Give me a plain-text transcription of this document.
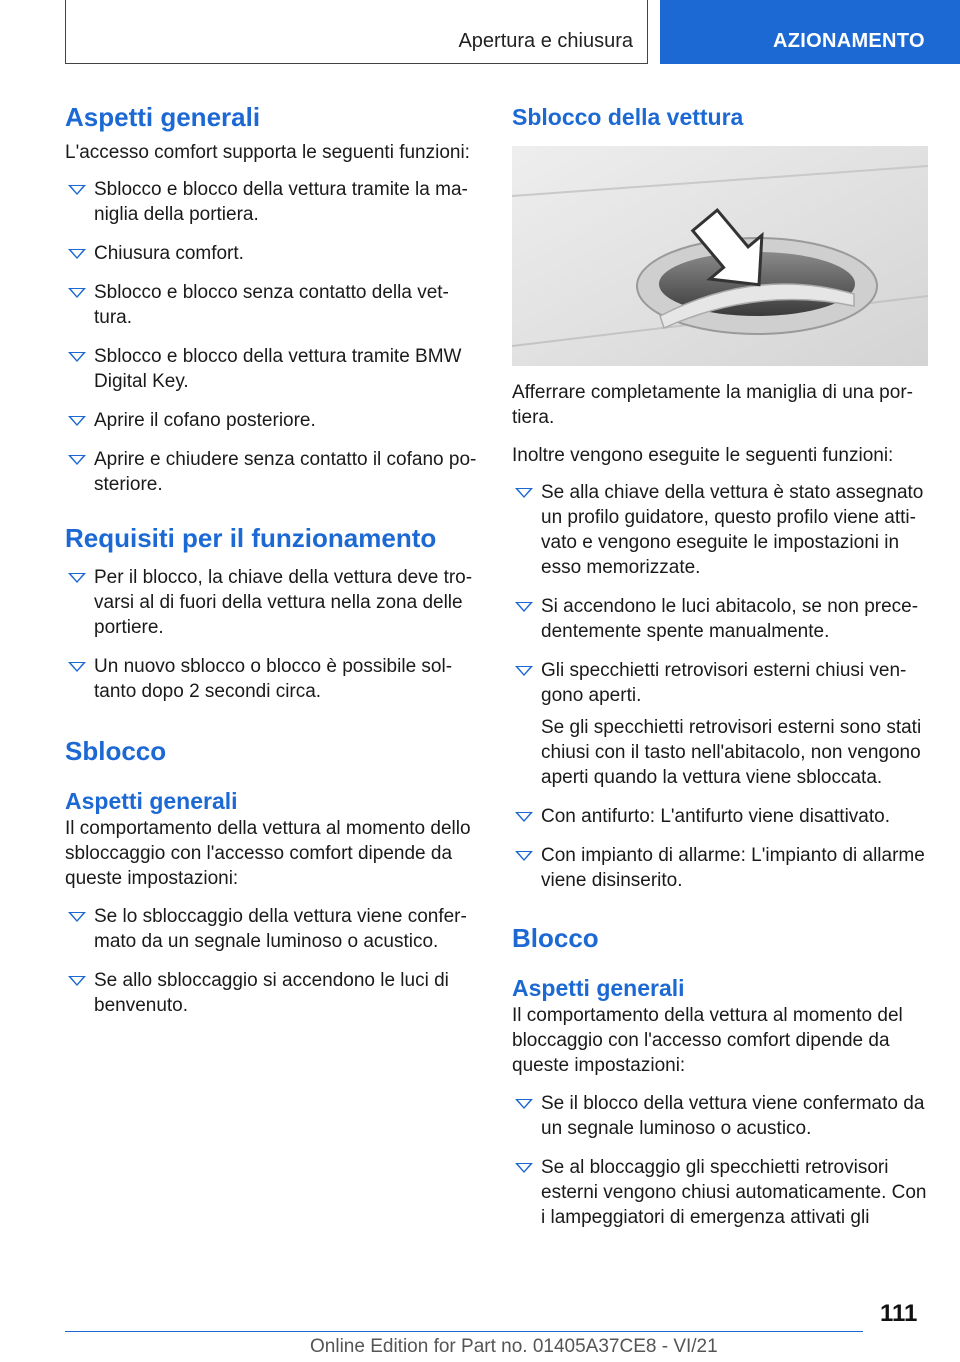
Apertura e chiusura	AZIONAMENTO
Aspetti generali

L'accesso comfort supporta le seguenti funzioni:

Sblocco e blocco della vettura tramite la ma-niglia della portiera.
Chiusura comfort.
Sblocco e blocco senza contatto della vet-tura.
Sblocco e blocco della vettura tramite BMW Digital Key.
Aprire il cofano posteriore.
Aprire e chiudere senza contatto il cofano po-steriore.
Requisiti per il funzionamento
Per il blocco, la chiave della vettura deve tro-varsi al di fuori della vettura nella zona delle portiere.
Un nuovo sblocco o blocco è possibile sol-tanto dopo 2 secondi circa.
Sblocco
Aspetti generali

Il comportamento della vettura al momento dello sbloccaggio con l'accesso comfort dipende da queste impostazioni:

Se lo sbloccaggio della vettura viene confer-mato da un segnale luminoso o acustico.
Se allo sbloccaggio si accendono le luci di benvenuto.
Sblocco della vettura

Afferrare completamente la maniglia di una por-tiera.

Inoltre vengono eseguite le seguenti funzioni:

Se alla chiave della vettura è stato assegnato un profilo guidatore, questo profilo viene atti-vato e vengono eseguite le impostazioni in esso memorizzate.
Si accendono le luci abitacolo, se non prece-dentemente spente manualmente.
Gli specchietti retrovisori esterni chiusi ven-gono aperti.
Se gli specchietti retrovisori esterni sono stati chiusi con il tasto nell'abitacolo, non vengono aperti quando la vettura viene sbloccata.
Con antifurto: L'antifurto viene disattivato.
Con impianto di allarme: L'impianto di allarme viene disinserito.
Blocco
Aspetti generali

Il comportamento della vettura al momento del bloccaggio con l'accesso comfort dipende da queste impostazioni:

Se il blocco della vettura viene confermato da un segnale luminoso o acustico.
Se al bloccaggio gli specchietti retrovisori esterni vengono chiusi automaticamente. Con i lampeggiatori di emergenza attivati gli
111
Online Edition for Part no. 01405A37CE8 - VI/21
